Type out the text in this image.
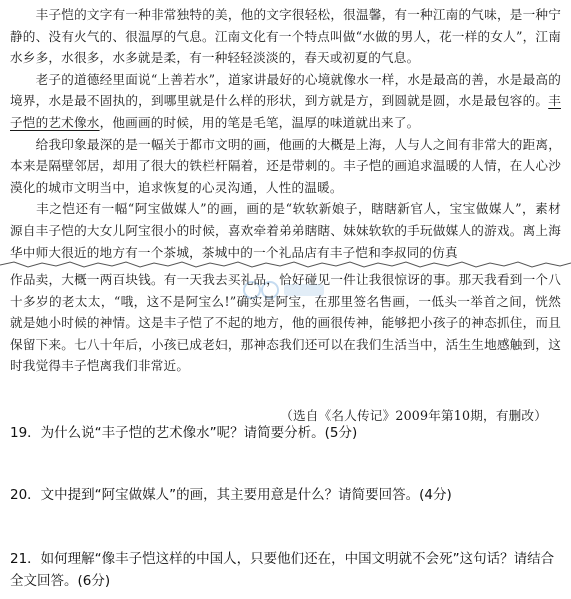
　　丰子恺的文字有一种非常独特的美，他的文字很轻松，很温馨，有一种江南的气味，是一种宁静的、没有火气的、很温厚的气息。江南文化有一个特点叫做“水做的男人，花一样的女人”，江南水乡多，水很多，水多就是柔，有一种轻轻淡淡的，春天或初夏的气息。

　　老子的道德经里面说“上善若水”，道家讲最好的心境就像水一样，水是最高的善，水是最高的境界，水是最不固执的，到哪里就是什么样的形状，到方就是方，到圆就是圆，水是最包容的。丰子恺的艺术像水，他画画的时候，用的笔是毛笔，温厚的味道就出来了。

　　给我印象最深的是一幅关于都市文明的画，他画的大概是上海，人与人之间有非常大的距离，本来是隔壁邻居，却用了很大的铁栏杆隔着，还是带刺的。丰子恺的画追求温暖的人情，在人心沙漠化的城市文明当中，追求恢复的心灵沟通，人性的温暖。

　　丰之恺还有一幅“阿宝做媒人”的画，画的是“软软新娘子，瞎瞎新官人，宝宝做媒人”，素材源自丰子恺的大女儿阿宝很小的时候，喜欢牵着弟弟瞎瞎、妹妹软软的手玩做媒人的游戏。离上海华中师大很近的地方有一个茶城，茶城中的一个礼品店有丰子恺和李叔同的仿真

作品卖，大概一两百块钱。有一天我去买礼品，恰好碰见一件让我很惊讶的事。那天我看到一个八十多岁的老太太，“哦，这不是阿宝么!”确实是阿宝，在那里签名售画，一低头一举首之间，恍然就是她小时候的神情。这是丰子恺了不起的地方，他的画很传神，能够把小孩子的神态抓住，而且保留下来。七八十年后，小孩已成老妇，那神态我们还可以在我们生活当中，活生生地感触到，这时我觉得丰子恺离我们非常近。

（选自《名人传记》2009年第10期，有删改）
19．为什么说“丰子恺的艺术像水”呢？请简要分析。(5分)
20．文中提到“阿宝做媒人”的画，其主要用意是什么？请简要回答。(4分)
21．如何理解“像丰子恺这样的中国人，只要他们还在，中国文明就不会死”这句话？请结合全文回答。(6分)
